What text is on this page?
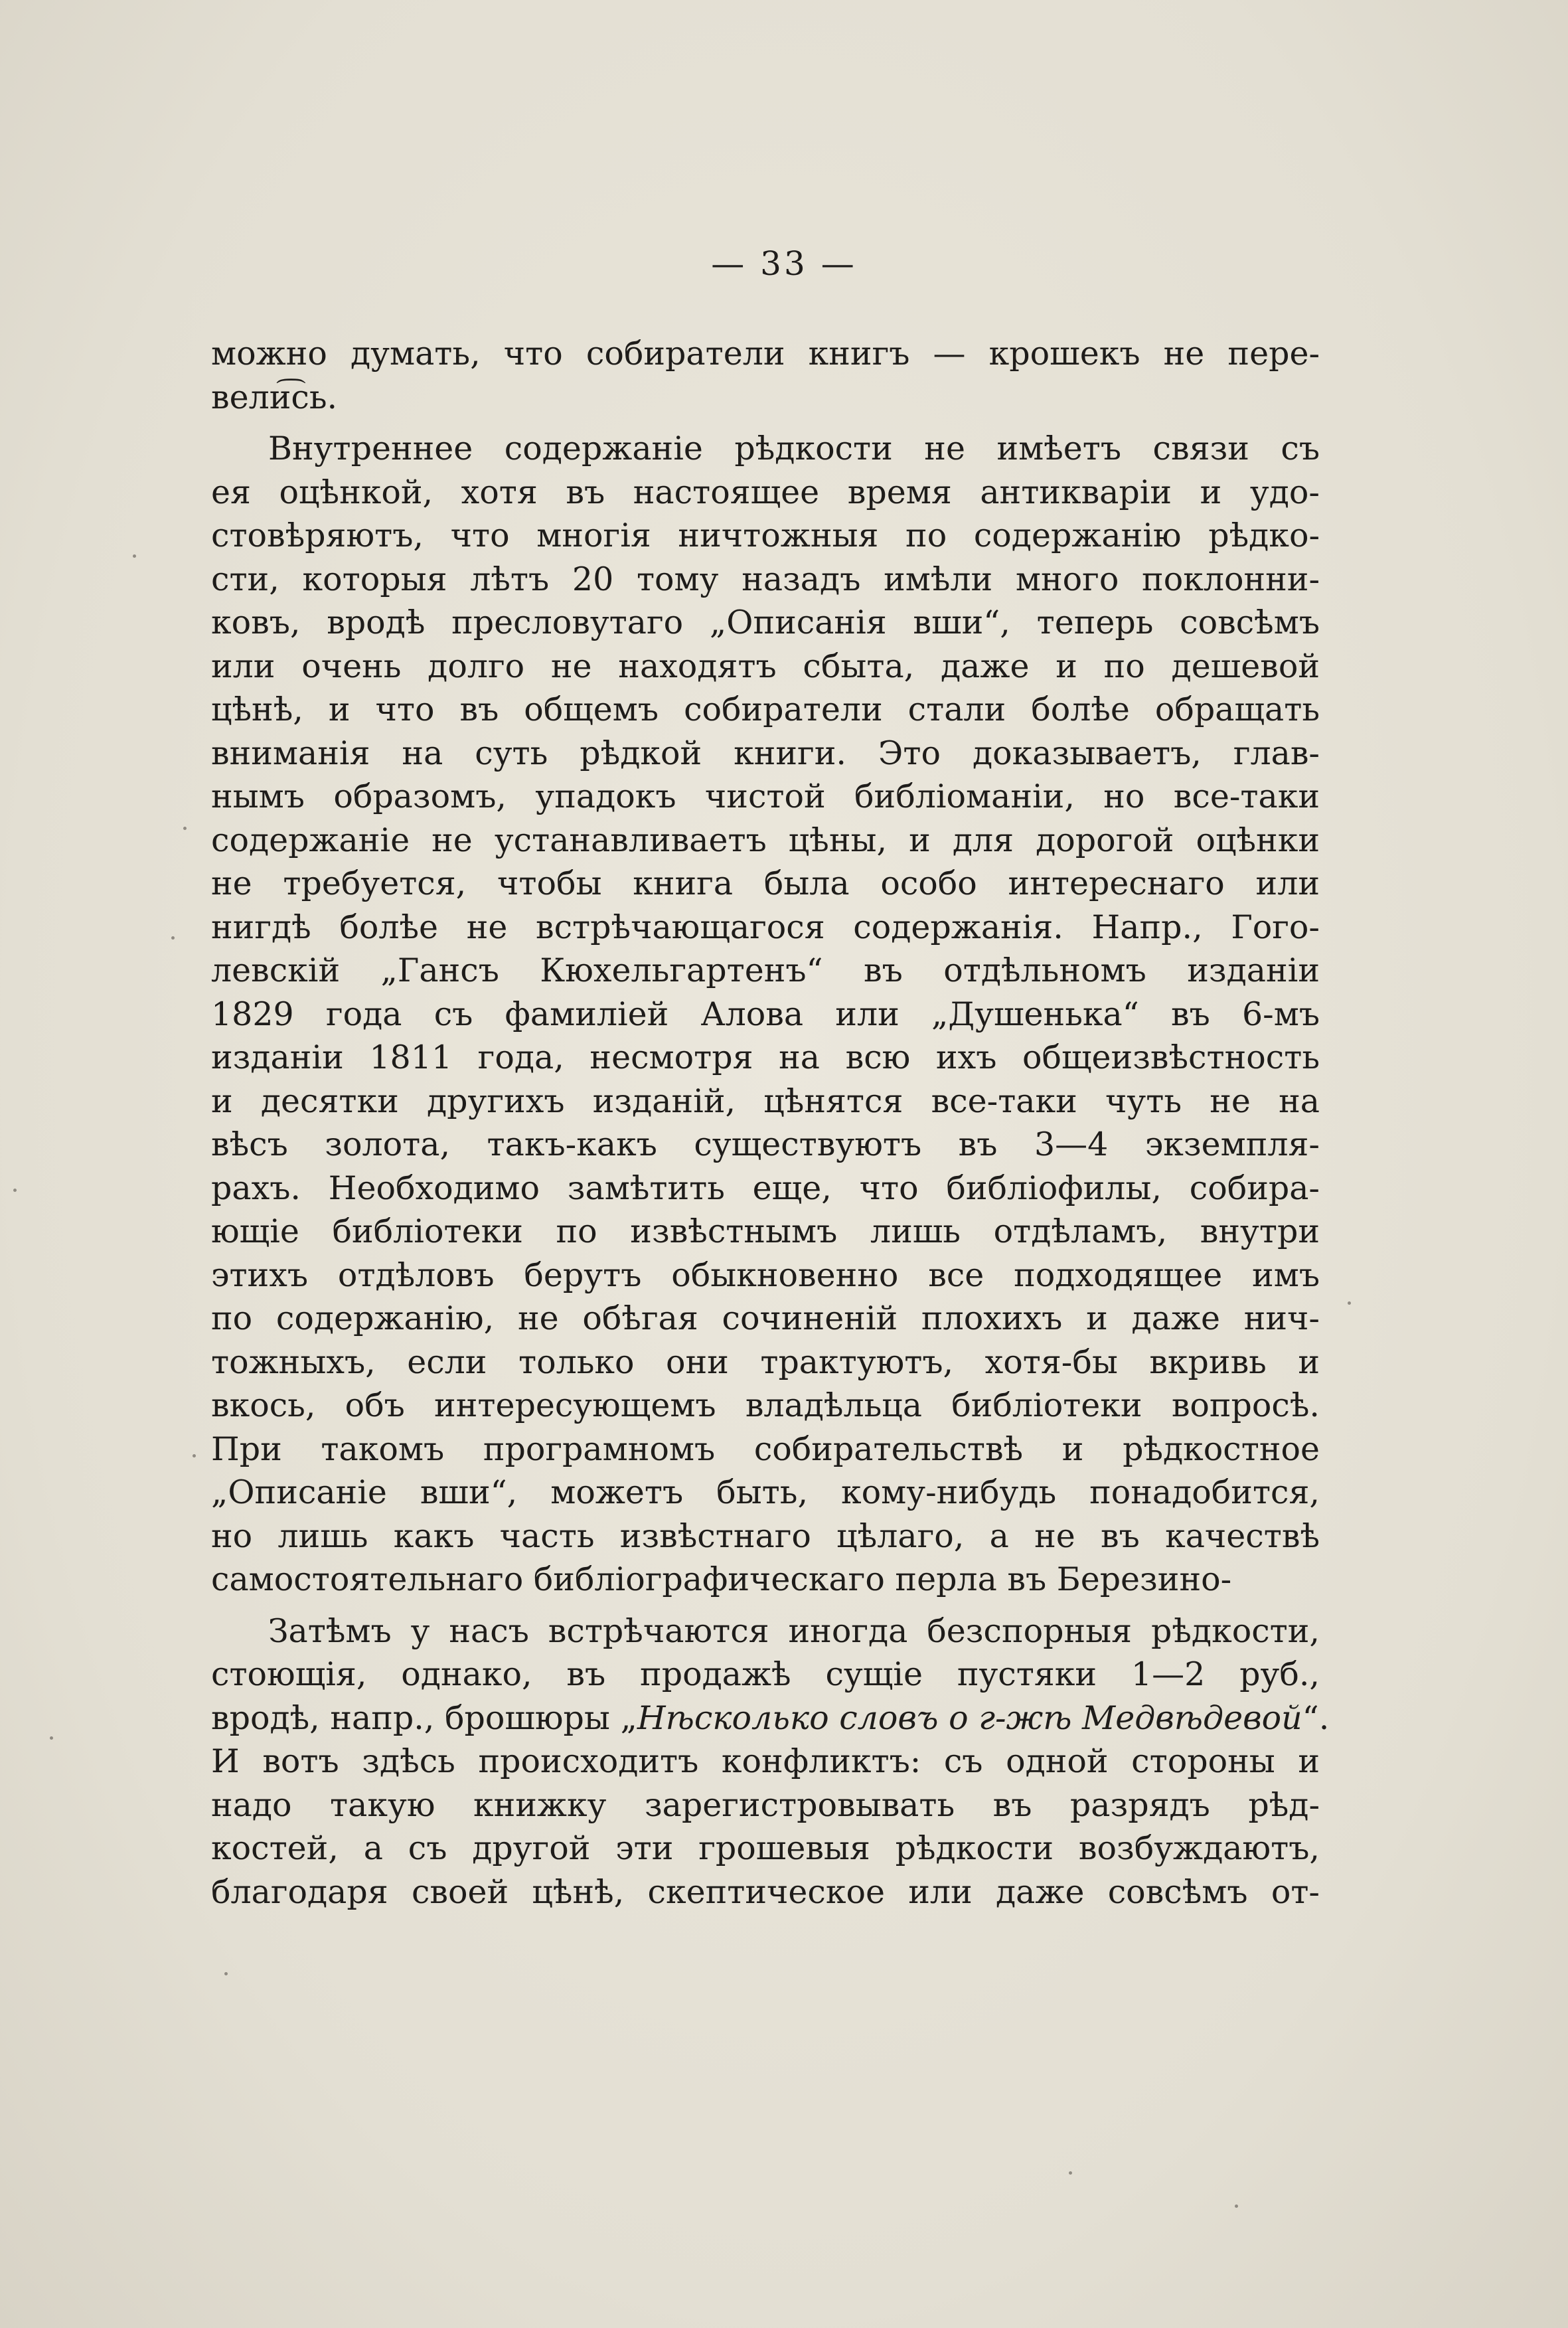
— 33 —
можно думать, что собиратели книгъ — крошекъ не пере-
вели͡сь.
Внутреннее содержанiе рѣдкости не имѣетъ связи съ
ея оцѣнкой, хотя въ настоящее время антикварiи и удо-
стовѣряютъ, что многiя ничтожныя по содержанiю рѣдко-
сти, которыя лѣтъ 20 тому назадъ имѣли много поклонни-
ковъ, вродѣ пресловутаго „Описанiя вши“, теперь совсѣмъ
или очень долго не находятъ сбыта, даже и по дешевой
цѣнѣ, и что въ общемъ собиратели стали болѣе обращать
вниманiя на суть рѣдкой книги. Это доказываетъ, глав-
нымъ образомъ, упадокъ чистой библiоманiи, но все-таки
содержанiе не устанавливаетъ цѣны, и для дорогой оцѣнки
не требуется, чтобы книга была особо интереснаго или
нигдѣ болѣе не встрѣчающагося содержанiя. Напр., Гого-
левскiй „Гансъ Кюхельгартенъ“ въ отдѣльномъ изданiи
1829 года съ фамилiей Алова или „Душенька“ въ 6-мъ
изданiи 1811 года, несмотря на всю ихъ общеизвѣстность
и десятки другихъ изданiй, цѣнятся все-таки чуть не на
вѣсъ золота, такъ-какъ существуютъ въ 3—4 экземпля-
рахъ. Необходимо замѣтить еще, что библiофилы, собира-
ющiе библiотеки по извѣстнымъ лишь отдѣламъ, внутри
этихъ отдѣловъ берутъ обыкновенно все подходящее имъ
по содержанiю, не обѣгая сочиненiй плохихъ и даже нич-
тожныхъ, если только они трактуютъ, хотя-бы вкривь и
вкось, объ интересующемъ владѣльца библiотеки вопросѣ.
При такомъ програмномъ собирательствѣ и рѣдкостное
„Описанiе вши“, можетъ быть, кому-нибудь понадобится,
но лишь какъ часть извѣстнаго цѣлаго, а не въ качествѣ
самостоятельнаго библiографическаго перла въ Березино-
Затѣмъ у насъ встрѣчаются иногда безспорныя рѣдкости,
стоющiя, однако, въ продажѣ сущiе пустяки 1—2 руб.,
вродѣ, напр., брошюры „Нѣсколько словъ о г-жѣ Медвѣдевой“.
И вотъ здѣсь происходитъ конфликтъ: съ одной стороны и
надо такую книжку зарегистровывать въ разрядъ рѣд-
костей, а съ другой эти грошевыя рѣдкости возбуждаютъ,
благодаря своей цѣнѣ, скептическое или даже совсѣмъ от-
